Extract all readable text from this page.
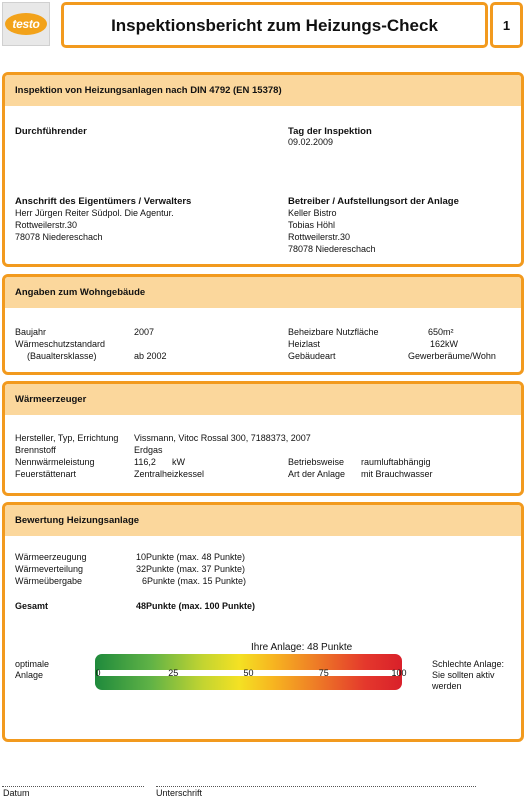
testo	Inspektionsbericht zum Heizungs-Check	1
Inspektion von Heizungsanlagen nach DIN 4792 (EN 15378)
Durchführender	Tag der Inspektion
09.02.2009
Anschrift des Eigentümers / Verwalters
Herr Jürgen Reiter Südpol. Die Agentur.
Rottweilerstr.30
78078 Niedereschach
Betreiber / Aufstellungsort der Anlage
Keller Bistro
Tobias Höhl
Rottweilerstr.30
78078 Niedereschach
Angaben zum Wohngebäude
Baujahr	2007
Wärmeschutzstandard
(Baualtersklasse)	ab 2002
Beheizbare Nutzfläche	650m²
Heizlast	162kW
Gebäudeart	Gewerberäume/Wohn
Wärmeerzeuger
Hersteller, Typ, Errichtung Vissmann, Vitoc Rossal 300, 7188373, 2007
Brennstoff	Erdgas
Nennwärmeleistung	116,2 kW
Feuerstättenart	Zentralheizkessel
Betriebsweise raumluftabhängig
Art der Anlage mit Brauchwasser
Bewertung Heizungsanlage
Wärmeerzeugung	10Punkte (max. 48 Punkte)
Wärmeverteilung	32Punkte (max. 37 Punkte)
Wärmeübergabe	6Punkte (max. 15 Punkte)
Gesamt	48Punkte (max. 100 Punkte)
Ihre Anlage: 48 Punkte
optimale
Anlage	0	25	50	75	100
Schlechte Anlage:
Sie sollten aktiv
werden
Datum	Unterschrift
